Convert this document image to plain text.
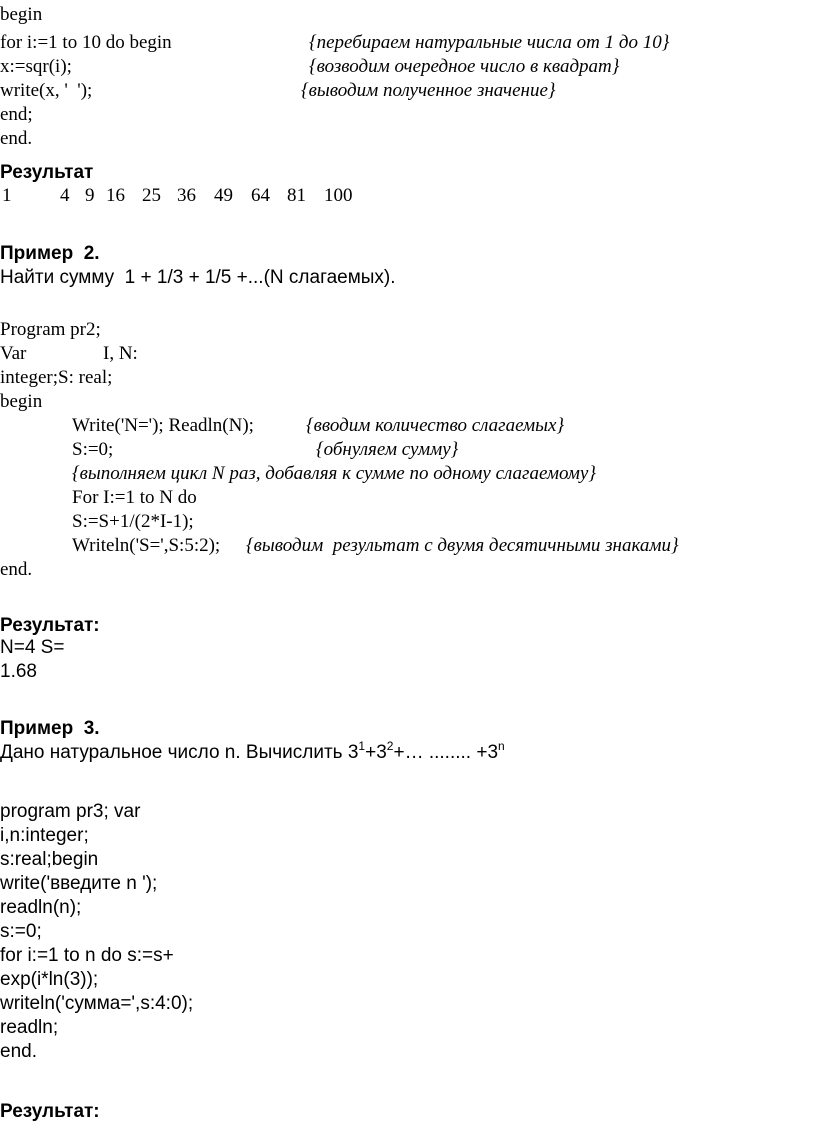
begin
for i:=1 to 10 do begin	{перебираем натуральные числа от 1 до 10}
x:=sqr(i);	{возводим очередное число в квадрат}
write(x, '  ');	{выводим полученное значение}
end;
end.
Результат
1	4 9 16 25 36 49 64 81 100
Пример  2.
Найти сумму  1 + 1/3 + 1/5 +...(N слагаемых).
Program pr2;
Var	I, N:
integer;S: real;
begin
Write('N='); Readln(N);	{вводим количество слагаемых}
S:=0;	{обнуляем сумму}
{выполняем цикл N раз, добавляя к сумме по одному слагаемому}
For I:=1 to N do
S:=S+1/(2*I-1);
Writeln('S=',S:5:2); {выводим  результат с двумя десятичными знаками}
end.
Результат:
N=4 S=
1.68
Пример  3.
Дано натуральное число n. Вычислить $3^1+3^2+\dots$ ........ $+3^n$
program pr3; var
i,n:integer;
s:real;begin
write('введите n ');
readln(n);
s:=0;
for i:=1 to n do s:=s+
exp(i*ln(3));
writeln('сумма=',s:4:0);
readln;
end.
Результат:
